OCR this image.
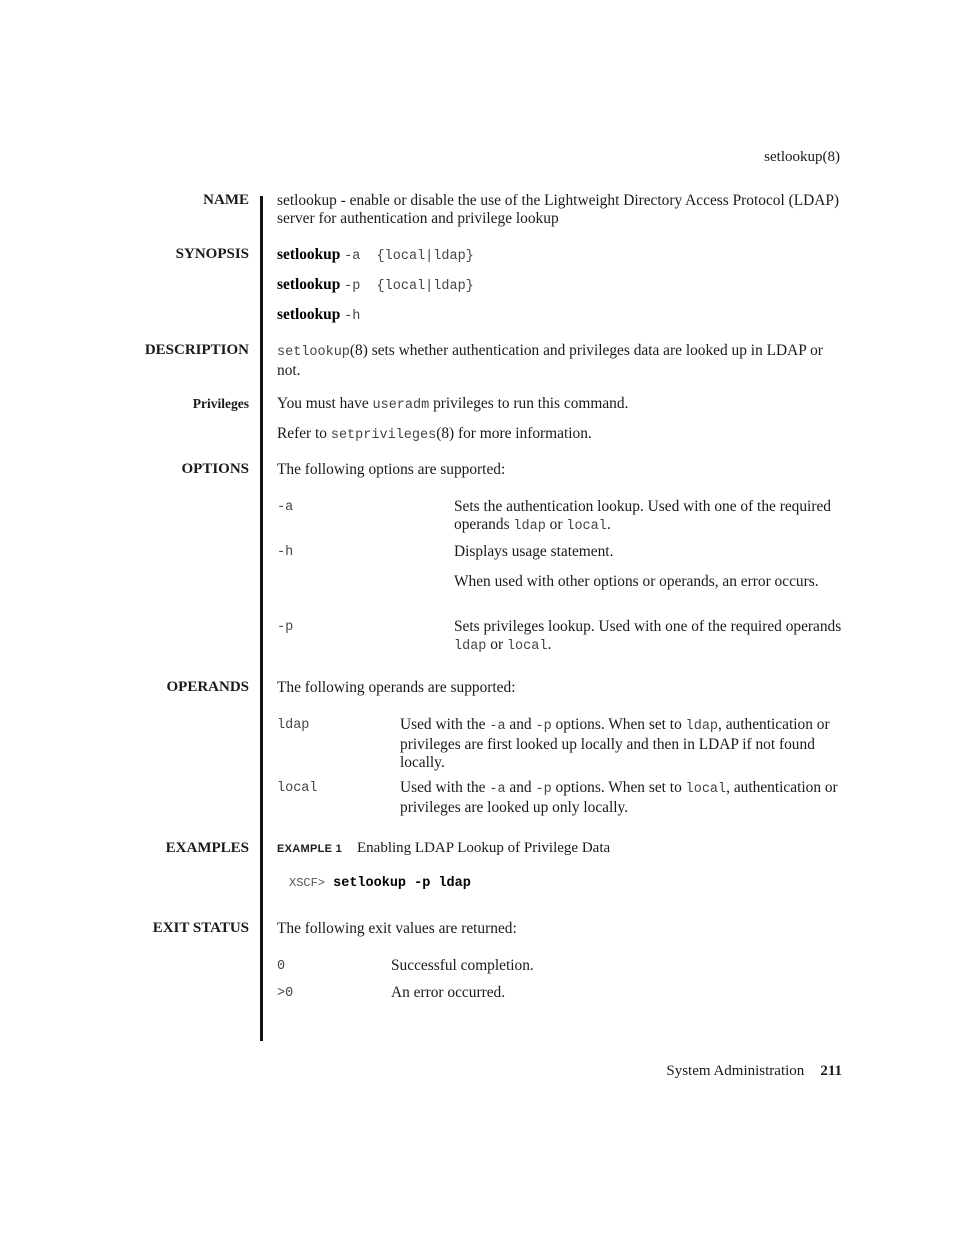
setlookup(8)
NAME setlookup - enable or disable the use of the Lightweight Directory Access Protocol (LDAP) server for authentication and privilege lookup
SYNOPSIS setlookup -a  {local|ldap}
setlookup -p  {local|ldap}
setlookup -h
DESCRIPTION setlookup(8) sets whether authentication and privileges data are looked up in LDAP or not.
Privileges You must have useradm privileges to run this command.
Refer to setprivileges(8) for more information.
OPTIONS The following options are supported:
-a	Sets the authentication lookup. Used with one of the required operands ldap or local.
-h	Displays usage statement.
When used with other options or operands, an error occurs.
-p	Sets privileges lookup. Used with one of the required operands ldap or local.
OPERANDS The following operands are supported:
ldap	Used with the -a and -p options. When set to ldap, authentication or privileges are first looked up locally and then in LDAP if not found locally.
local	Used with the -a and -p options. When set to local, authentication or privileges are looked up only locally.
EXAMPLES	EXAMPLE 1 Enabling LDAP Lookup of Privilege Data
XSCF> setlookup -p ldap
EXIT STATUS The following exit values are returned:
0	Successful completion.
>0	An error occurred.
System Administration 211
